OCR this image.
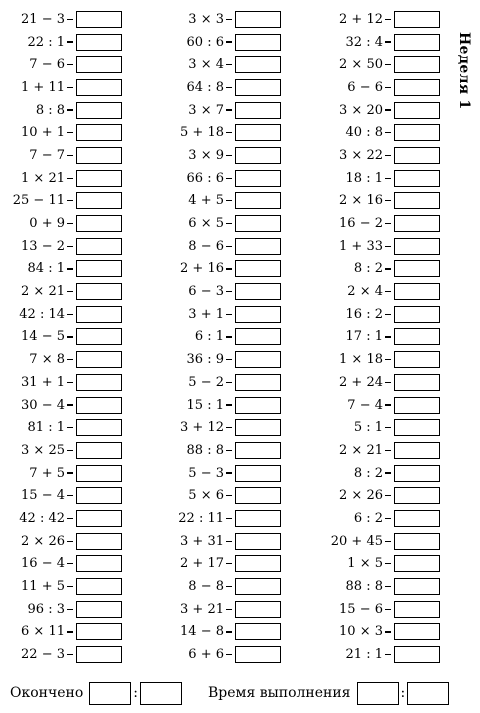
21 − 3
22 : 1
7 − 6
1 + 11
8 : 8
10 + 1
7 − 7
1 × 21
25 − 11
0 + 9
13 − 2
84 : 1
2 × 21
42 : 14
14 − 5
7 × 8
31 + 1
30 − 4
81 : 1
3 × 25
7 + 5
15 − 4
42 : 42
2 × 26
16 − 4
11 + 5
96 : 3
6 × 11
22 − 3
3 × 3
60 : 6
3 × 4
64 : 8
3 × 7
5 + 18
3 × 9
66 : 6
4 + 5
6 × 5
8 − 6
2 + 16
6 − 3
3 + 1
6 : 1
36 : 9
5 − 2
15 : 1
3 + 12
88 : 8
5 − 3
5 × 6
22 : 11
3 + 31
2 + 17
8 − 8
3 + 21
14 − 8
6 + 6
2 + 12
32 : 4
2 × 50
6 − 6
3 × 20
40 : 8
3 × 22
18 : 1
2 × 16
16 − 2
1 + 33
8 : 2
2 × 4
16 : 2
17 : 1
1 × 18
2 + 24
7 − 4
5 : 1
2 × 21
8 : 2
2 × 26
6 : 2
20 + 45
1 × 5
88 : 8
15 − 6
10 × 3
21 : 1
Неделя 1
Окончено	:	Время выполнения	:
